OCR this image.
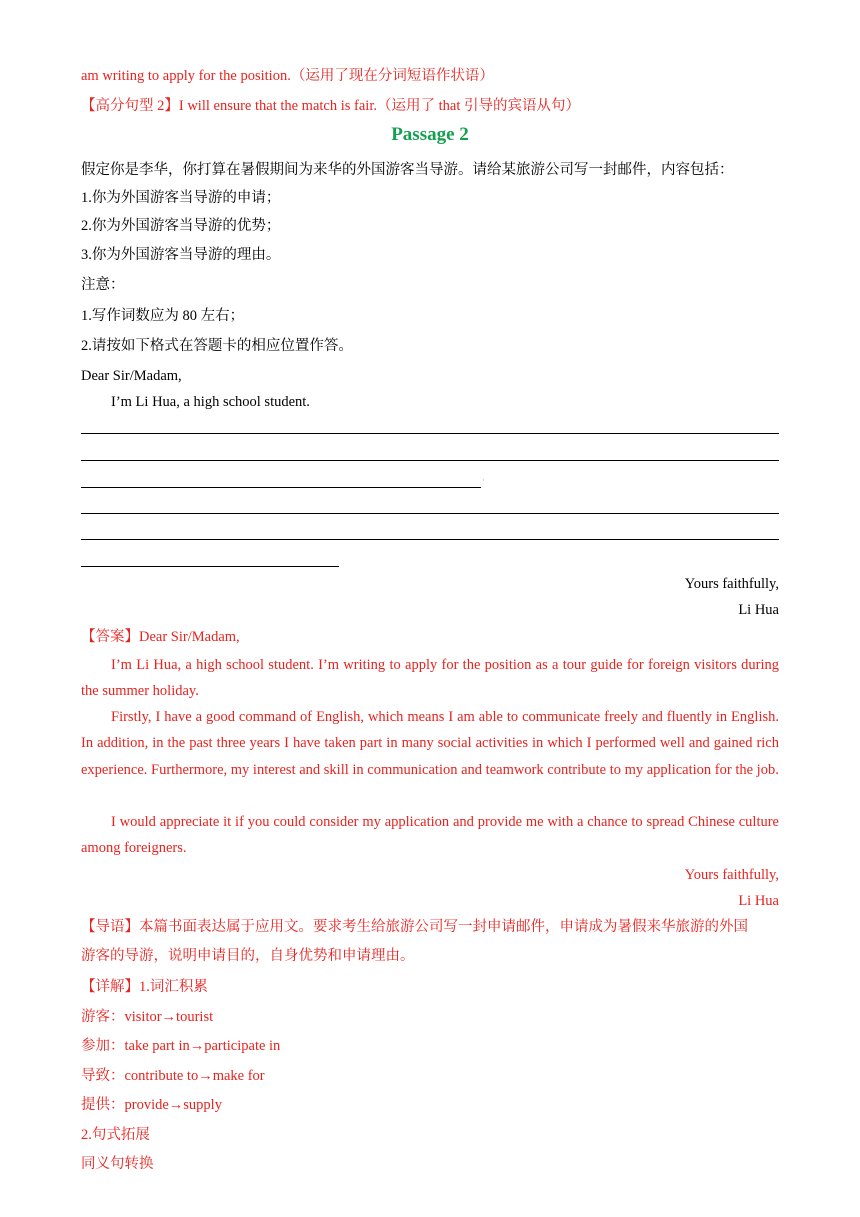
am writing to apply for the position.（运用了现在分词短语作状语）
【高分句型 2】I will ensure that the match is fair.（运用了 that 引导的宾语从句）
Passage 2
假定你是李华，你打算在暑假期间为来华的外国游客当导游。请给某旅游公司写一封邮件，内容包括：
1.你为外国游客当导游的申请；
2.你为外国游客当导游的优势；
3.你为外国游客当导游的理由。
注意：
1.写作词数应为 80 左右；
2.请按如下格式在答题卡的相应位置作答。
Dear Sir/Madam,
I’m Li Hua, a high school student.
·
Yours faithfully,
Li Hua
【答案】Dear Sir/Madam,
I’m Li Hua, a high school student. I’m writing to apply for the position as a tour guide for foreign visitors during the summer holiday.
Firstly, I have a good command of English, which means I am able to communicate freely and fluently in English. In addition, in the past three years I have taken part in many social activities in which I performed well and gained rich experience. Furthermore, my interest and skill in communication and teamwork contribute to my application for the job.
I would appreciate it if you could consider my application and provide me with a chance to spread Chinese culture among foreigners.
Yours faithfully,
Li Hua
【导语】本篇书面表达属于应用文。要求考生给旅游公司写一封申请邮件，申请成为暑假来华旅游的外国
游客的导游，说明申请目的，自身优势和申请理由。
【详解】1.词汇积累
游客：visitor→tourist
参加：take part in→participate in
导致：contribute to→make for
提供：provide→supply
2.句式拓展
同义句转换
